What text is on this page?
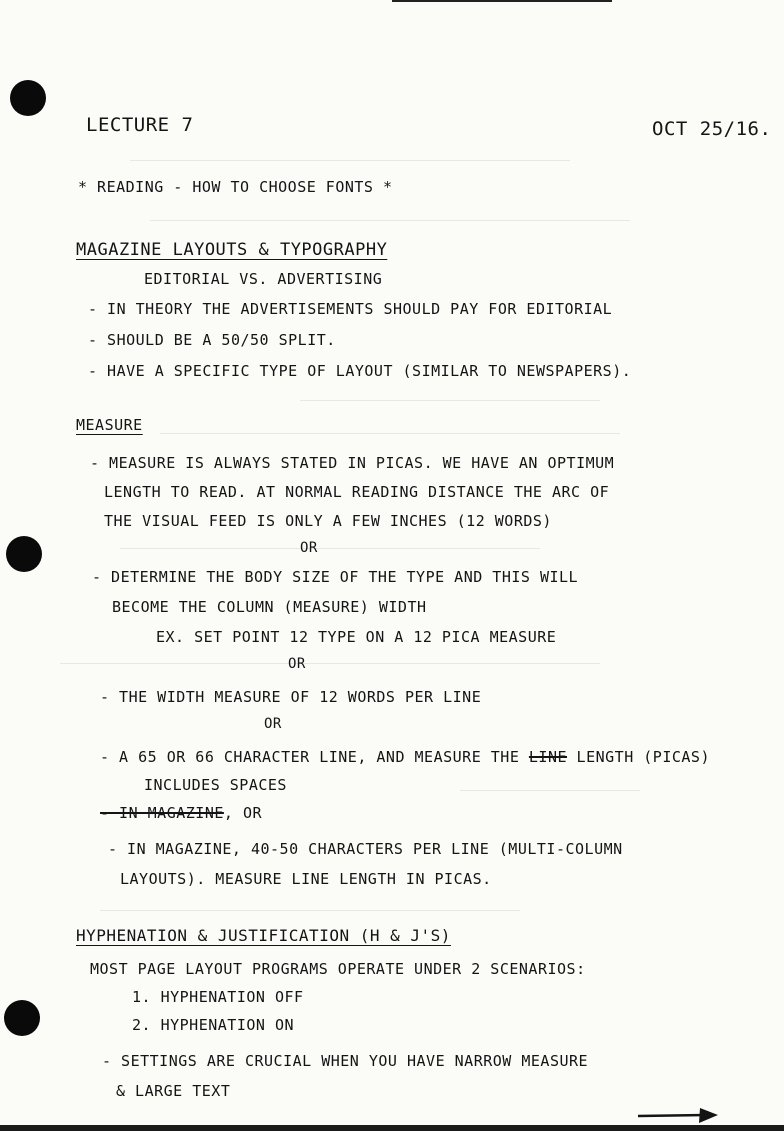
LECTURE 7	OCT 25/16.
* READING - HOW TO CHOOSE FONTS *
MAGAZINE LAYOUTS & TYPOGRAPHY
EDITORIAL VS. ADVERTISING
- IN THEORY THE ADVERTISEMENTS SHOULD PAY FOR EDITORIAL
- SHOULD BE A 50/50 SPLIT.
- HAVE A SPECIFIC TYPE OF LAYOUT (SIMILAR TO NEWSPAPERS).
MEASURE
- MEASURE IS ALWAYS STATED IN PICAS. WE HAVE AN OPTIMUM
LENGTH TO READ. AT NORMAL READING DISTANCE THE ARC OF
THE VISUAL FEED IS ONLY A FEW INCHES (12 WORDS)
OR
- DETERMINE THE BODY SIZE OF THE TYPE AND THIS WILL
BECOME THE COLUMN (MEASURE) WIDTH
EX. SET POINT 12 TYPE ON A 12 PICA MEASURE
OR
- THE WIDTH MEASURE OF 12 WORDS PER LINE
OR
- A 65 OR 66 CHARACTER LINE, AND MEASURE THE LINE LENGTH (PICAS)
INCLUDES SPACES
- IN MAGAZINE, OR
- IN MAGAZINE, 40-50 CHARACTERS PER LINE (MULTI-COLUMN
LAYOUTS). MEASURE LINE LENGTH IN PICAS.
HYPHENATION & JUSTIFICATION (H & J'S)
MOST PAGE LAYOUT PROGRAMS OPERATE UNDER 2 SCENARIOS:
1. HYPHENATION OFF
2. HYPHENATION ON
- SETTINGS ARE CRUCIAL WHEN YOU HAVE NARROW MEASURE
& LARGE TEXT
